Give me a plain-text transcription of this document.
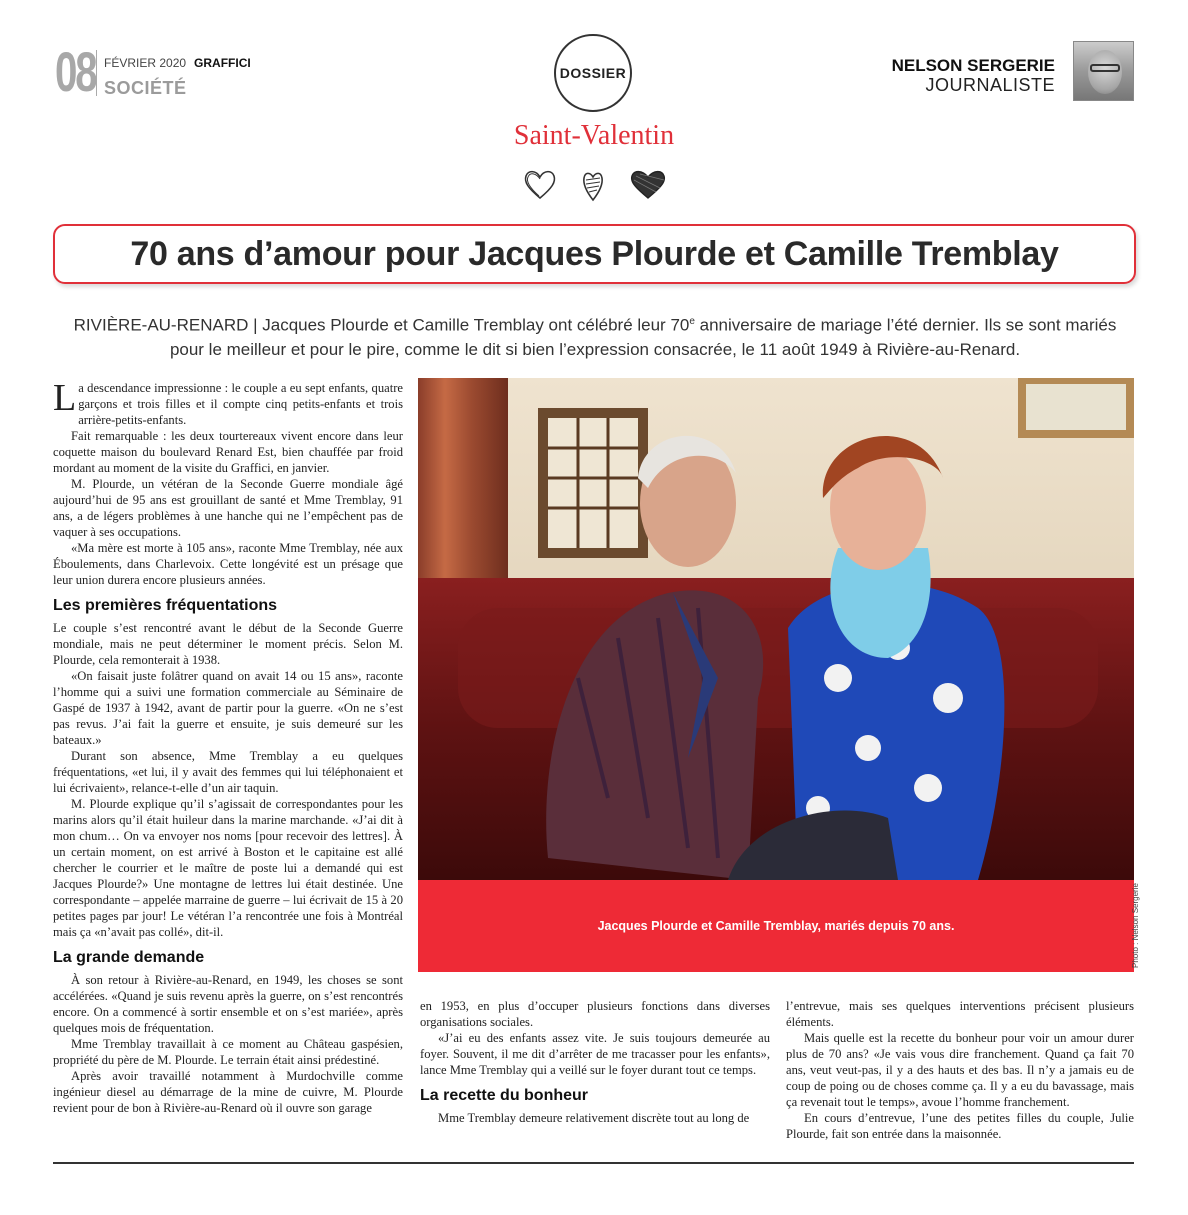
08 FÉVRIER 2020 GRAFFICI
SOCIÉTÉ
DOSSIER	NELSON SERGERIE
JOURNALISTE
Saint-Valentin
70 ans d’amour pour Jacques Plourde et Camille Tremblay
RIVIÈRE-AU-RENARD | Jacques Plourde et Camille Tremblay ont célébré leur 70e anniversaire de mariage l’été dernier. Ils se sont mariés pour le meilleur et pour le pire, comme le dit si bien l’expression consacrée, le 11 août 1949 à Rivière-au-Renard.

La descendance impressionne : le couple a eu sept enfants, quatre garçons et trois filles et il compte cinq petits-enfants et trois arrière-petits-enfants.

Fait remarquable : les deux tourtereaux vivent encore dans leur coquette maison du boulevard Renard Est, bien chauffée par froid mordant au moment de la visite du Graffici, en janvier.

M. Plourde, un vétéran de la Seconde Guerre mondiale âgé aujourd’hui de 95 ans est grouillant de santé et Mme Tremblay, 91 ans, a de légers problèmes à une hanche qui ne l’empêchent pas de vaquer à ses occupations.

«Ma mère est morte à 105 ans», raconte Mme Tremblay, née aux Éboulements, dans Charlevoix. Cette longévité est un présage que leur union durera encore plusieurs années.

Les premières fréquentations

Le couple s’est rencontré avant le début de la Seconde Guerre mondiale, mais ne peut déterminer le moment précis. Selon M. Plourde, cela remonterait à 1938.

«On faisait juste folâtrer quand on avait 14 ou 15 ans», raconte l’homme qui a suivi une formation commerciale au Séminaire de Gaspé de 1937 à 1942, avant de partir pour la guerre. «On ne s’est pas revus. J’ai fait la guerre et ensuite, je suis demeuré sur les bateaux.»

Durant son absence, Mme Tremblay a eu quelques fréquentations, «et lui, il y avait des femmes qui lui téléphonaient et lui écrivaient», relance-t-elle d’un air taquin.

M. Plourde explique qu’il s’agissait de correspondantes pour les marins alors qu’il était huileur dans la marine marchande. «J’ai dit à mon chum… On va envoyer nos noms [pour recevoir des lettres]. À un certain moment, on est arrivé à Boston et le capitaine est allé chercher le courrier et le maître de poste lui a demandé qui est Jacques Plourde?» Une montagne de lettres lui était destinée. Une correspondante – appelée marraine de guerre – lui écrivait de 15 à 20 petites pages par jour! Le vétéran l’a rencontrée une fois à Montréal mais ça «n’avait pas collé», dit-il.

La grande demande

À son retour à Rivière-au-Renard, en 1949, les choses se sont accélérées. «Quand je suis revenu après la guerre, on s’est rencontrés encore. On a commencé à sortir ensemble et on s’est mariée», après quelques mois de fréquentation.

Mme Tremblay travaillait à ce moment au Château gaspésien, propriété du père de M. Plourde. Le terrain était ainsi prédestiné.

Après avoir travaillé notamment à Murdochville comme ingénieur diesel au démarrage de la mine de cuivre, M. Plourde revient pour de bon à Rivière-au-Renard où il ouvre son garage

Jacques Plourde et Camille Tremblay, mariés depuis 70 ans.	Photo : Nelson Sergerie

en 1953, en plus d’occuper plusieurs fonctions dans diverses organisations sociales.

«J’ai eu des enfants assez vite. Je suis toujours demeurée au foyer. Souvent, il me dit d’arrêter de me tracasser pour les enfants», lance Mme Tremblay qui a veillé sur le foyer durant tout ce temps.

La recette du bonheur

Mme Tremblay demeure relativement discrète tout au long de

l’entrevue, mais ses quelques interventions précisent plusieurs éléments.

Mais quelle est la recette du bonheur pour voir un amour durer plus de 70 ans? «Je vais vous dire franchement. Quand ça fait 70 ans, veut veut-pas, il y a des hauts et des bas. Il n’y a jamais eu de coup de poing ou de choses comme ça. Il y a eu du bavassage, mais ça revenait tout le temps», avoue l’homme franchement.

En cours d’entrevue, l’une des petites filles du couple, Julie Plourde, fait son entrée dans la maisonnée.
